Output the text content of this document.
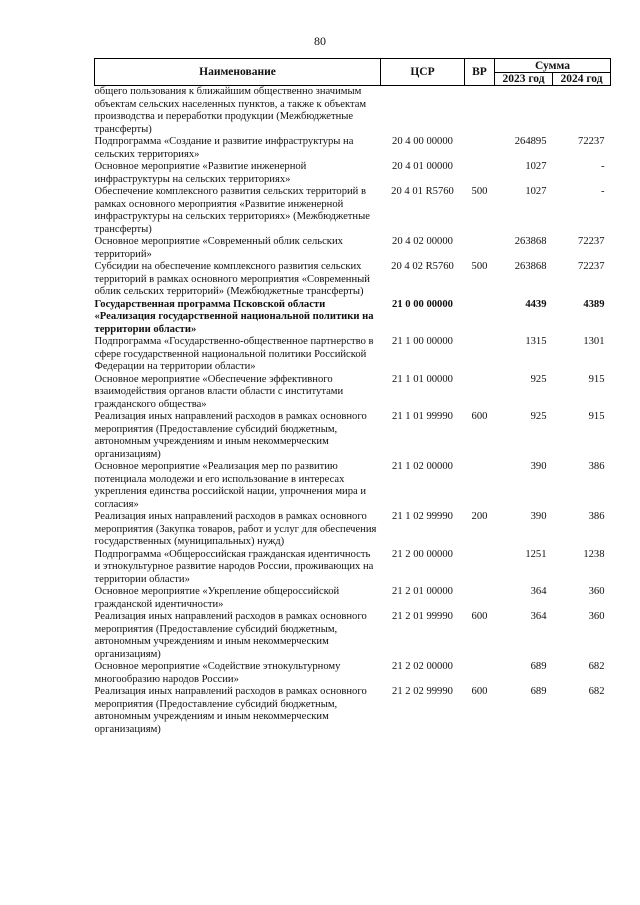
80
Наименование	ЦСР	ВР	Сумма	
			2023 год	2024 год
общего пользования к ближайшим общественно значимым объектам сельских населенных пунктов, а также к объектам производства и переработки продукции (Межбюджетные трансферты)				
Подпрограмма «Создание и развитие инфраструктуры на сельских территориях»	20 4 00 00000		264895	72237
Основное мероприятие «Развитие инженерной инфраструктуры на сельских территориях»	20 4 01 00000		1027	-
Обеспечение комплексного развития сельских территорий в рамках основного мероприятия «Развитие инженерной инфраструктуры на сельских территориях» (Межбюджетные трансферты)	20 4 01 R5760	500	1027	-
Основное мероприятие «Современный облик сельских территорий»	20 4 02 00000		263868	72237
Субсидии на обеспечение комплексного развития сельских территорий в рамках основного мероприятия «Современный облик сельских территорий» (Межбюджетные трансферты)	20 4 02 R5760	500	263868	72237
Государственная программа Псковской области «Реализация государственной национальной политики на территории области»	21 0 00 00000		4439	4389
Подпрограмма «Государственно-общественное партнерство в сфере государственной национальной политики Российской Федерации на территории области»	21 1 00 00000		1315	1301
Основное мероприятие «Обеспечение эффективного взаимодействия органов власти области с институтами гражданского общества»	21 1 01 00000		925	915
Реализация иных направлений расходов в рамках основного мероприятия (Предоставление субсидий бюджетным, автономным учреждениям и иным некоммерческим организациям)	21 1 01 99990	600	925	915
Основное мероприятие «Реализация мер по развитию потенциала молодежи и его использование в интересах укрепления единства российской нации, упрочнения мира и согласия»	21 1 02 00000		390	386
Реализация иных направлений расходов в рамках основного мероприятия (Закупка товаров, работ и услуг для обеспечения государственных (муниципальных) нужд)	21 1 02 99990	200	390	386
Подпрограмма «Общероссийская гражданская идентичность и этнокультурное развитие народов России, проживающих на территории области»	21 2 00 00000		1251	1238
Основное мероприятие «Укрепление общероссийской гражданской идентичности»	21 2 01 00000		364	360
Реализация иных направлений расходов в рамках основного мероприятия (Предоставление субсидий бюджетным, автономным учреждениям и иным некоммерческим организациям)	21 2 01 99990	600	364	360
Основное мероприятие «Содействие этнокультурному многообразию народов России»	21 2 02 00000		689	682
Реализация иных направлений расходов в рамках основного мероприятия (Предоставление субсидий бюджетным, автономным учреждениям и иным некоммерческим организациям)	21 2 02 99990	600	689	682
